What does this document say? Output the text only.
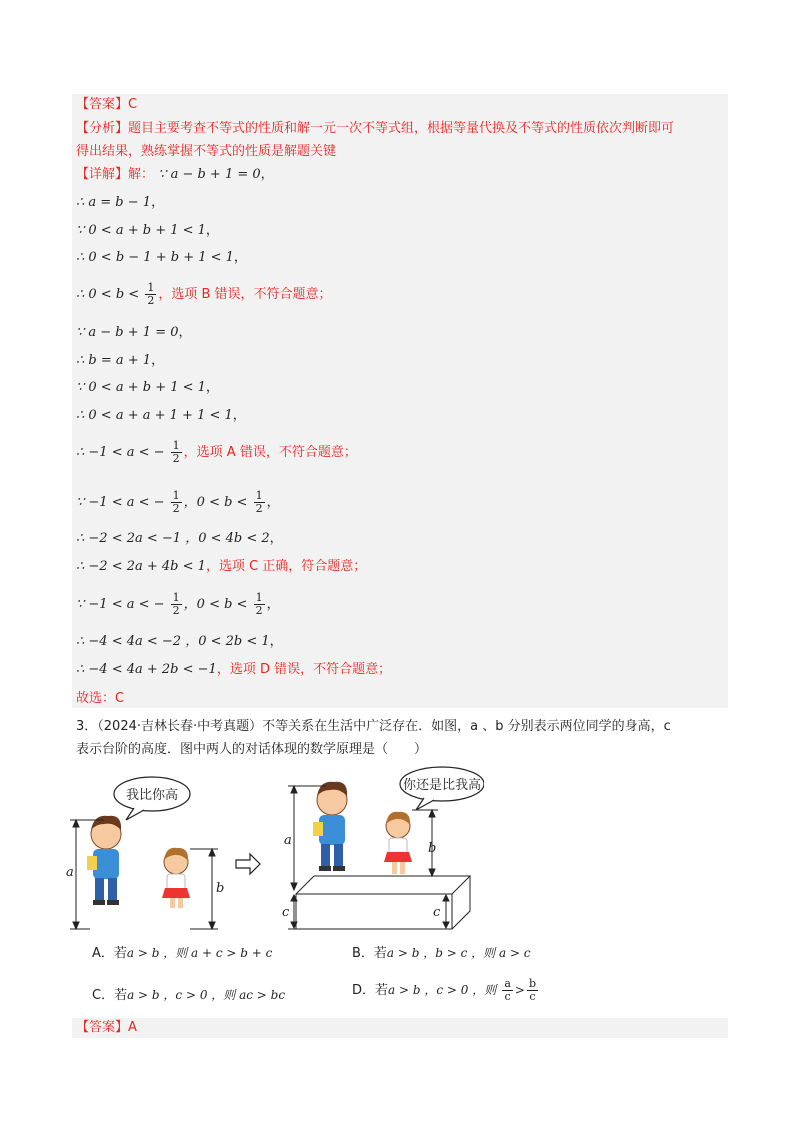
【答案】C
【分析】题目主要考查不等式的性质和解一元一次不等式组，根据等量代换及不等式的性质依次判断即可
得出结果，熟练掌握不等式的性质是解题关键
【详解】解： ∵ a − b + 1 = 0，
∴ a = b − 1，
∵ 0 < a + b + 1 < 1，
∴ 0 < b − 1 + b + 1 < 1，
∴ $0 < b < \frac{1}{2}$ ，选项 B 错误，不符合题意；
∵ a − b + 1 = 0，
∴ b = a + 1，
∵ 0 < a + b + 1 < 1，
∴ 0 < a + a + 1 + 1 < 1，
∴ −1 < a < − $\frac{1}{2}$ ，选项 A 错误，不符合题意；
∵ −1 < a < − $\frac{1}{2}$ ，$0 < b < \frac{1}{2}$ ，
∴ −2 < 2a < −1 ，0 < 4b < 2，
∴ −2 < 2a + 4b < 1，选项 C 正确，符合题意；
∵ −1 < a < − $\frac{1}{2}$ ，$0 < b < \frac{1}{2}$ ，
∴ −4 < 4a < −2 ，0 < 2b < 1，
∴ −4 < 4a + 2b < −1，选项 D 错误，不符合题意；
故选：C
3．（2024·吉林长春·中考真题）不等关系在生活中广泛存在．如图，a 、b 分别表示两位同学的身高，c
表示台阶的高度．图中两人的对话体现的数学原理是（　　）
我比你高
a
b
你还是比我高
a
b
c	c
A．若a > b ，则 a + c > b + c	B．若a > b ，b > c ，则 a > c
C．若a > b ，c > 0 ，则 ac > bc	D．若a > b ，c > 0 ，则 $\frac{a}{c} > \frac{b}{c}$
【答案】A
